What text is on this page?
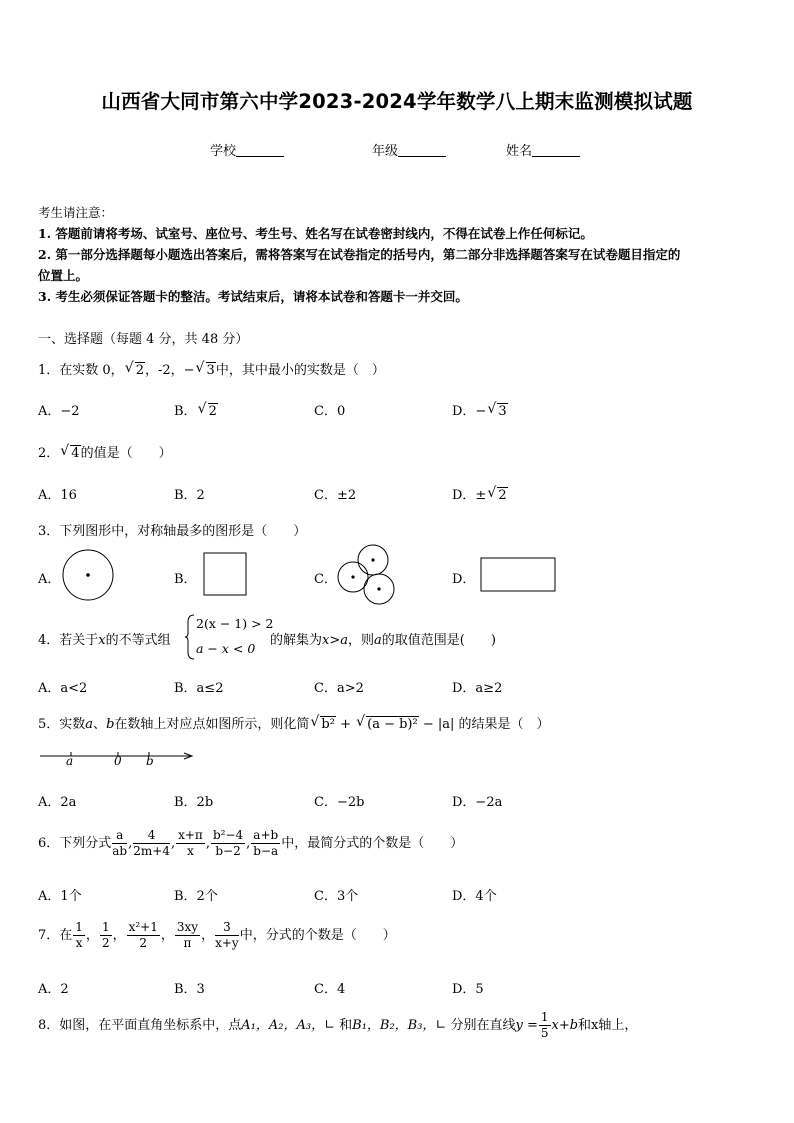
山西省大同市第六中学2023-2024学年数学八上期末监测模拟试题
学校	年级	姓名
考生请注意：
1. 答题前请将考场、试室号、座位号、考生号、姓名写在试卷密封线内，不得在试卷上作任何标记。
2. 第一部分选择题每小题选出答案后，需将答案写在试卷指定的括号内，第二部分非选择题答案写在试卷题目指定的
位置上。
3. 考生必须保证答题卡的整洁。考试结束后，请将本试卷和答题卡一并交回。
一、选择题（每题 4 分，共 48 分）
1．在实数 0， √ 2，-2，− √ 3中，其中最小的实数是（　）
A．−2	B． √ 2	C．0	D．− √ 3
2． √ 4的值是（　　）
A．16	B．2	C．±2	D．± √ 2
3．下列图形中，对称轴最多的图形是（　　）
A．	B．	C．	D．
4．若关于x的不等式组
2(x − 1) > 2
a − x < 0
的解集为x>a，则a的取值范围是(　　)
A．a<2	B．a≤2	C．a>2	D．a≥2
5．实数a、b在数轴上对应点如图所示，则化简 √ b² + √ (a − b)² − |a| 的结果是（　）
a	0 b
A．2a	B．2b	C．−2b	D．−2a
6．下列分式 $\frac{a}{ab}$ , $\frac{4}{2m+4}$ , $\frac{x+\pi}{x}$ , $\frac{\text{b²−4}}{b-2}$ , $\frac{a+b}{b-a}$ 中，最简分式的个数是（　　）
A．1个	B．2个	C．3个	D．4个
7．在 $\frac{1}{x}$ ， $\frac{1}{2}$ ， $\frac{\text{x²+1}}{2}$ ， $\frac{3xy}{\pi}$ ， $\frac{3}{x+y}$ 中，分式的个数是（　　）
A．2	B．3	C．4	D．5
8．如图，在平面直角坐标系中，点A₁，A₂，A₃，∟ 和B₁，B₂，B₃，∟ 分别在直线$y = \frac{1}{5} x+b$和x轴上，
